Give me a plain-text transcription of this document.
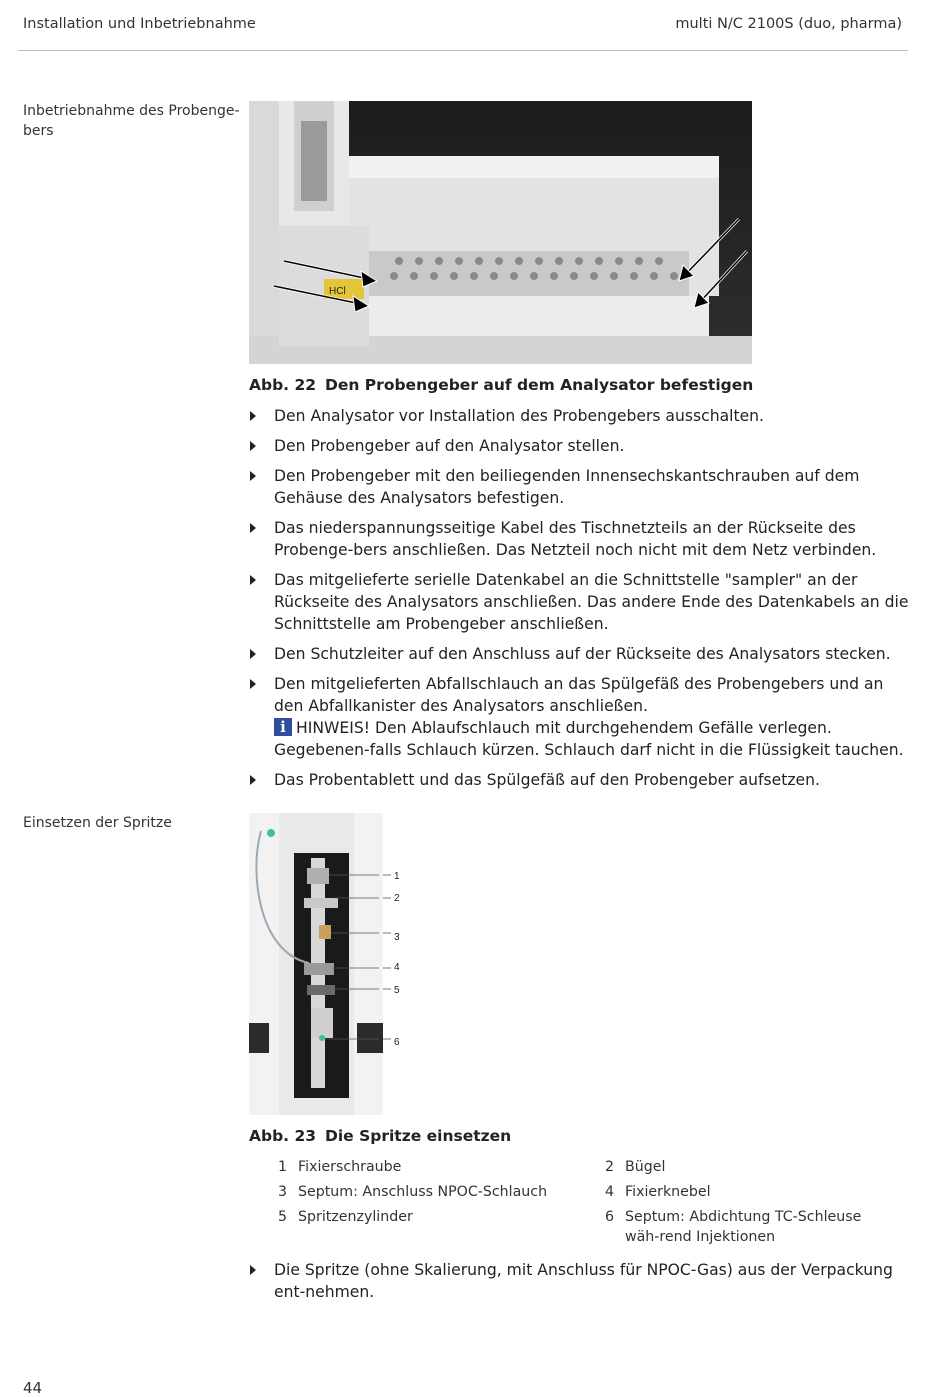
Installation und Inbetriebnahme	multi N/C 2100S (duo, pharma)
Inbetriebnahme des Probenge-
bers
HCl
Abb. 22 Den Probengeber auf dem Analysator befestigen
Den Analysator vor Installation des Probengebers ausschalten.
Den Probengeber auf den Analysator stellen.
Den Probengeber mit den beiliegenden Innensechskantschrauben auf dem Gehäuse des Analysators befestigen.
Das niederspannungsseitige Kabel des Tischnetzteils an der Rückseite des Probenge-bers anschließen. Das Netzteil noch nicht mit dem Netz verbinden.
Das mitgelieferte serielle Datenkabel an die Schnittstelle "sampler" an der Rückseite des Analysators anschließen. Das andere Ende des Datenkabels an die Schnittstelle am Probengeber anschließen.
Den Schutzleiter auf den Anschluss auf der Rückseite des Analysators stecken.
Den mitgelieferten Abfallschlauch an das Spülgefäß des Probengebers und an den Abfallkanister des Analysators anschließen.
i HINWEIS! Den Ablaufschlauch mit durchgehendem Gefälle verlegen. Gegebenen-falls Schlauch kürzen. Schlauch darf nicht in die Flüssigkeit tauchen.
Das Probentablett und das Spülgefäß auf den Probengeber aufsetzen.
Einsetzen der Spritze
1
2
3
4
5
6
Abb. 23 Die Spritze einsetzen
1 Fixierschraube	2 Bügel
3 Septum: Anschluss NPOC-Schlauch	4 Fixierknebel
5 Spritzenzylinder	6 Septum: Abdichtung TC-Schleuse wäh-rend Injektionen
Die Spritze (ohne Skalierung, mit Anschluss für NPOC-Gas) aus der Verpackung ent-nehmen.
44
